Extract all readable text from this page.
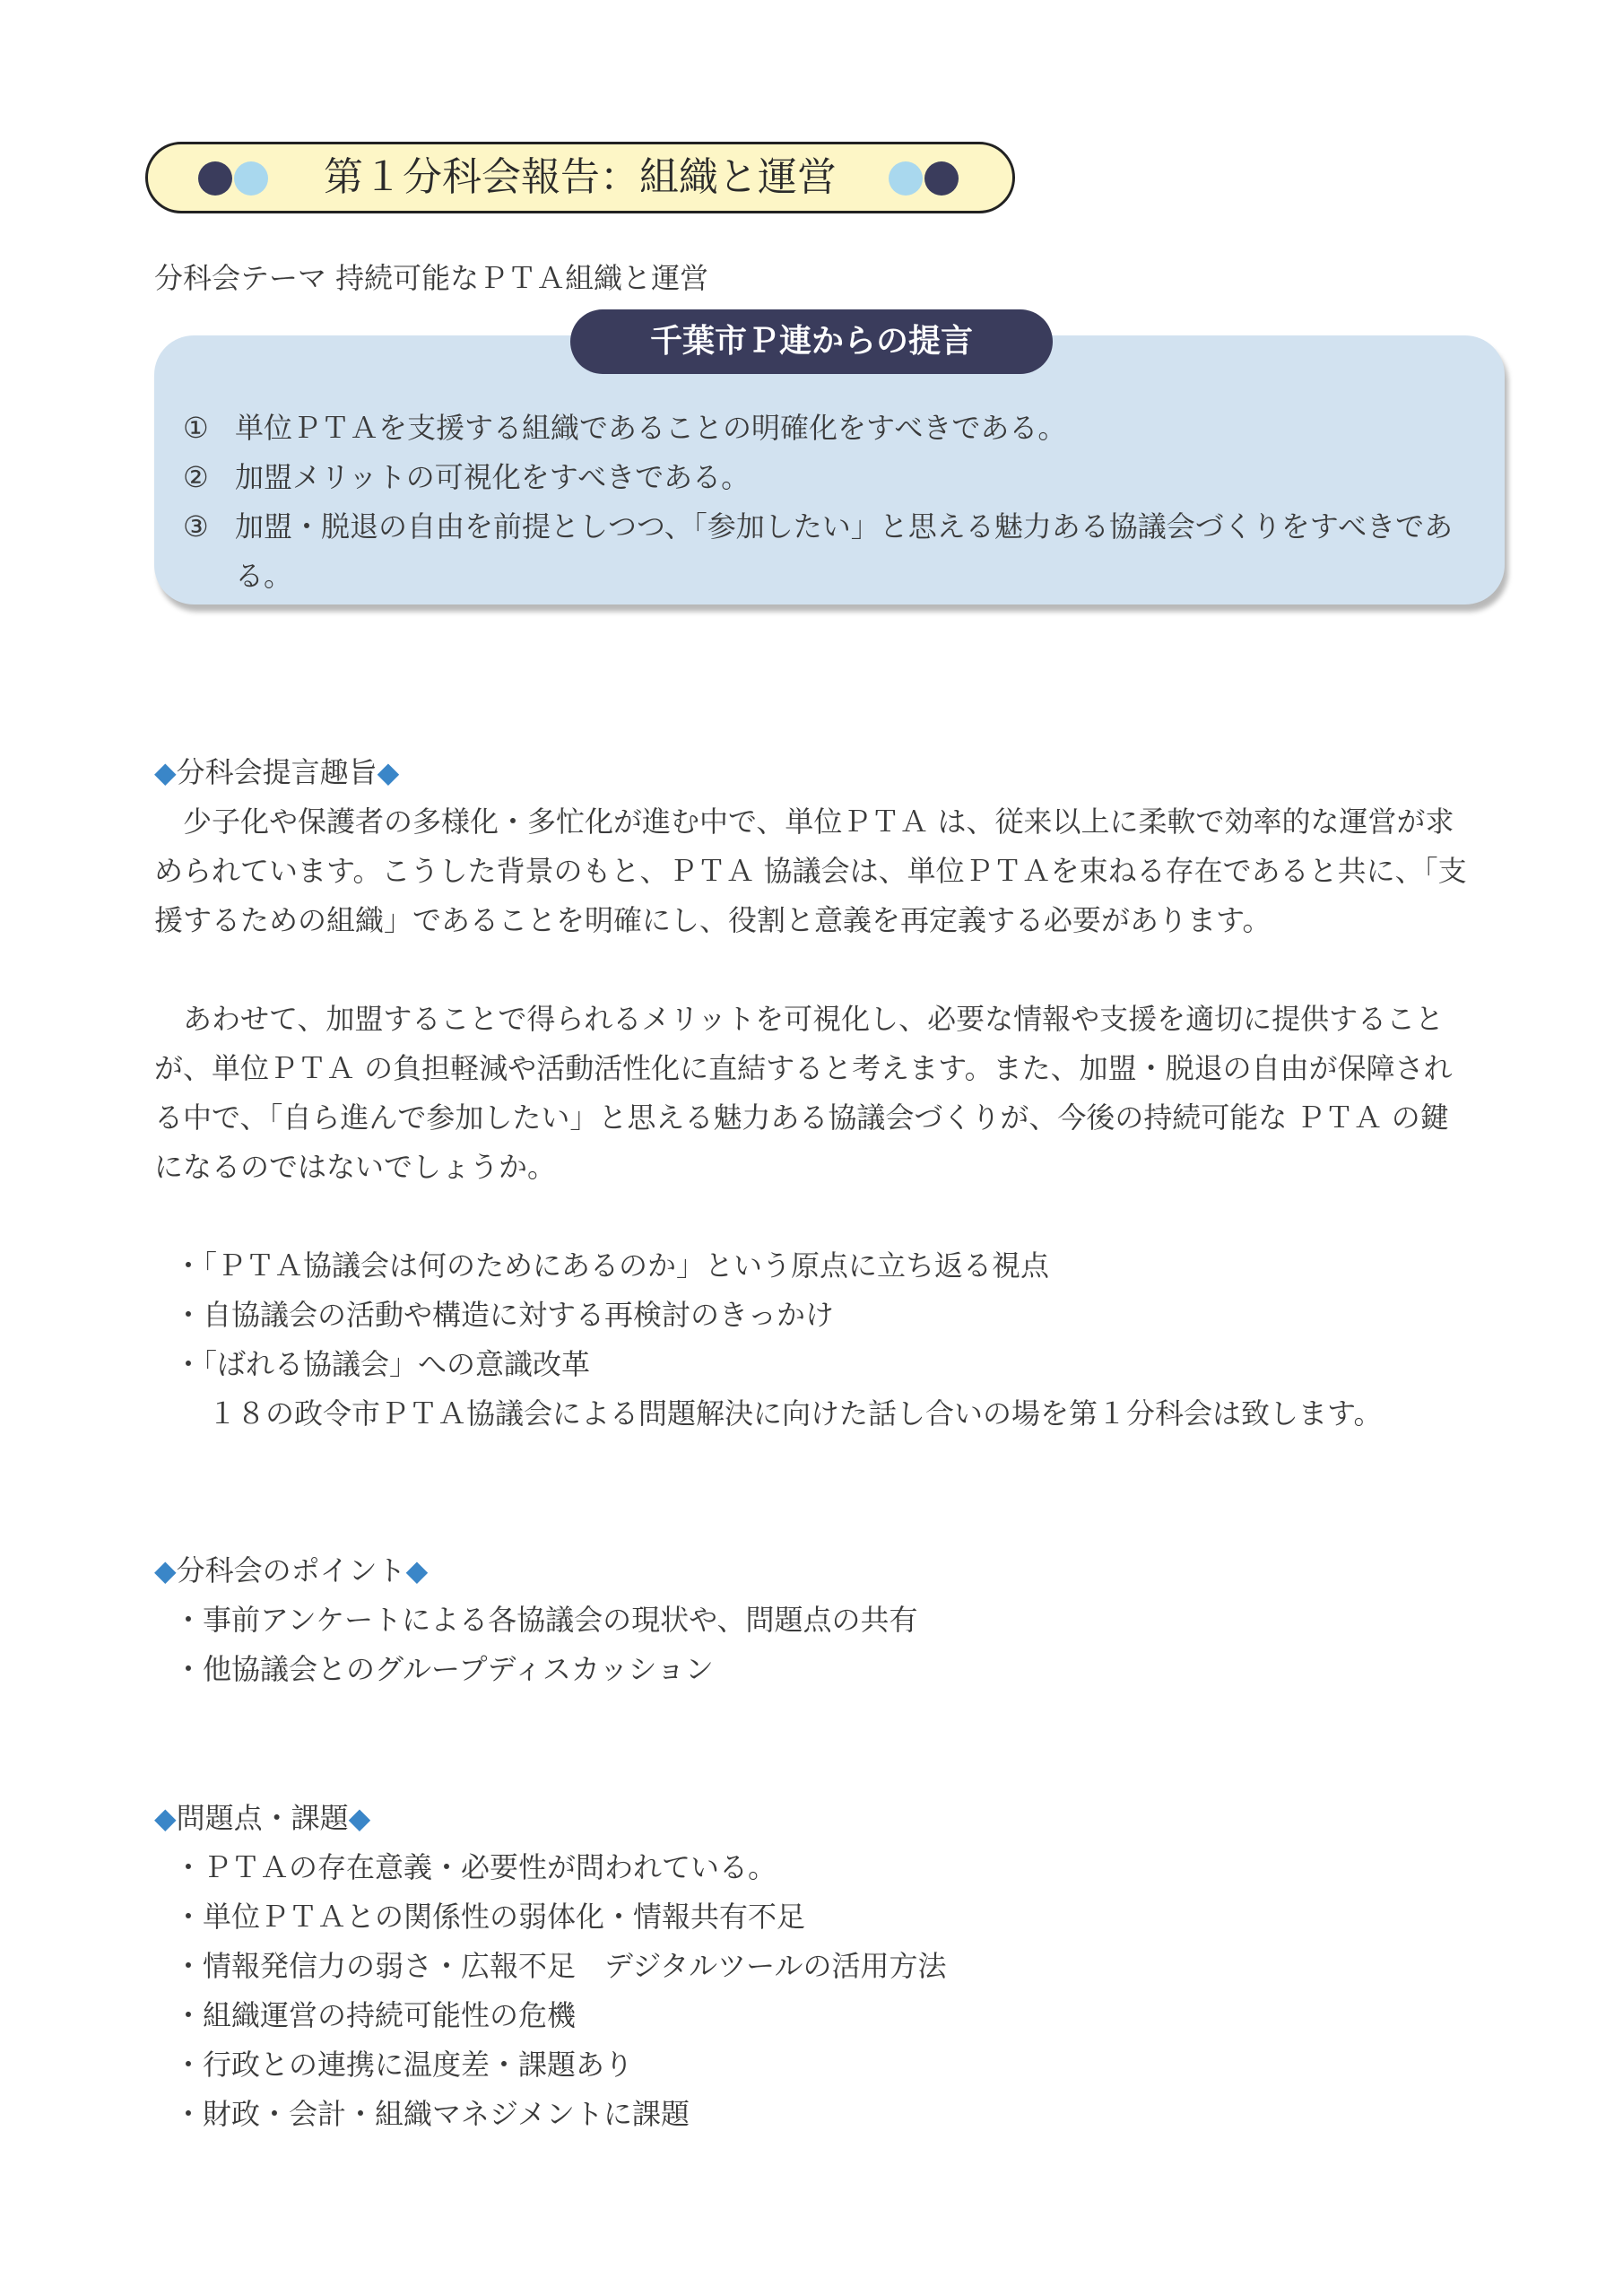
第１分科会報告：組織と運営
分科会テーマ 持続可能なＰＴＡ組織と運営
千葉市Ｐ連からの提言
① 単位ＰＴＡを支援する組織であることの明確化をすべきである。
② 加盟メリットの可視化をすべきである。
③ 加盟・脱退の自由を前提としつつ、「参加したい」と思える魅力ある協議会づくりをすべきである。
◆分科会提言趣旨◆

少子化や保護者の多様化・多忙化が進む中で、単位ＰＴＡ は、従来以上に柔軟で効率的な運営が求められています。こうした背景のもと、ＰＴＡ 協議会は、単位ＰＴＡを束ねる存在であると共に、「支援するための組織」であることを明確にし、役割と意義を再定義する必要があります。

あわせて、加盟することで得られるメリットを可視化し、必要な情報や支援を適切に提供することが、単位ＰＴＡ の負担軽減や活動活性化に直結すると考えます。また、加盟・脱退の自由が保障される中で、「自ら進んで参加したい」と思える魅力ある協議会づくりが、今後の持続可能な ＰＴＡ の鍵になるのではないでしょうか。

・「ＰＴＡ協議会は何のためにあるのか」という原点に立ち返る視点
・自協議会の活動や構造に対する再検討のきっかけ
・「ばれる協議会」への意識改革
１８の政令市ＰＴＡ協議会による問題解決に向けた話し合いの場を第１分科会は致します。
◆分科会のポイント◆
・事前アンケートによる各協議会の現状や、問題点の共有
・他協議会とのグループディスカッション
◆問題点・課題◆
・ＰＴＡの存在意義・必要性が問われている。
・単位ＰＴＡとの関係性の弱体化・情報共有不足
・情報発信力の弱さ・広報不足　デジタルツールの活用方法
・組織運営の持続可能性の危機
・行政との連携に温度差・課題あり
・財政・会計・組織マネジメントに課題
